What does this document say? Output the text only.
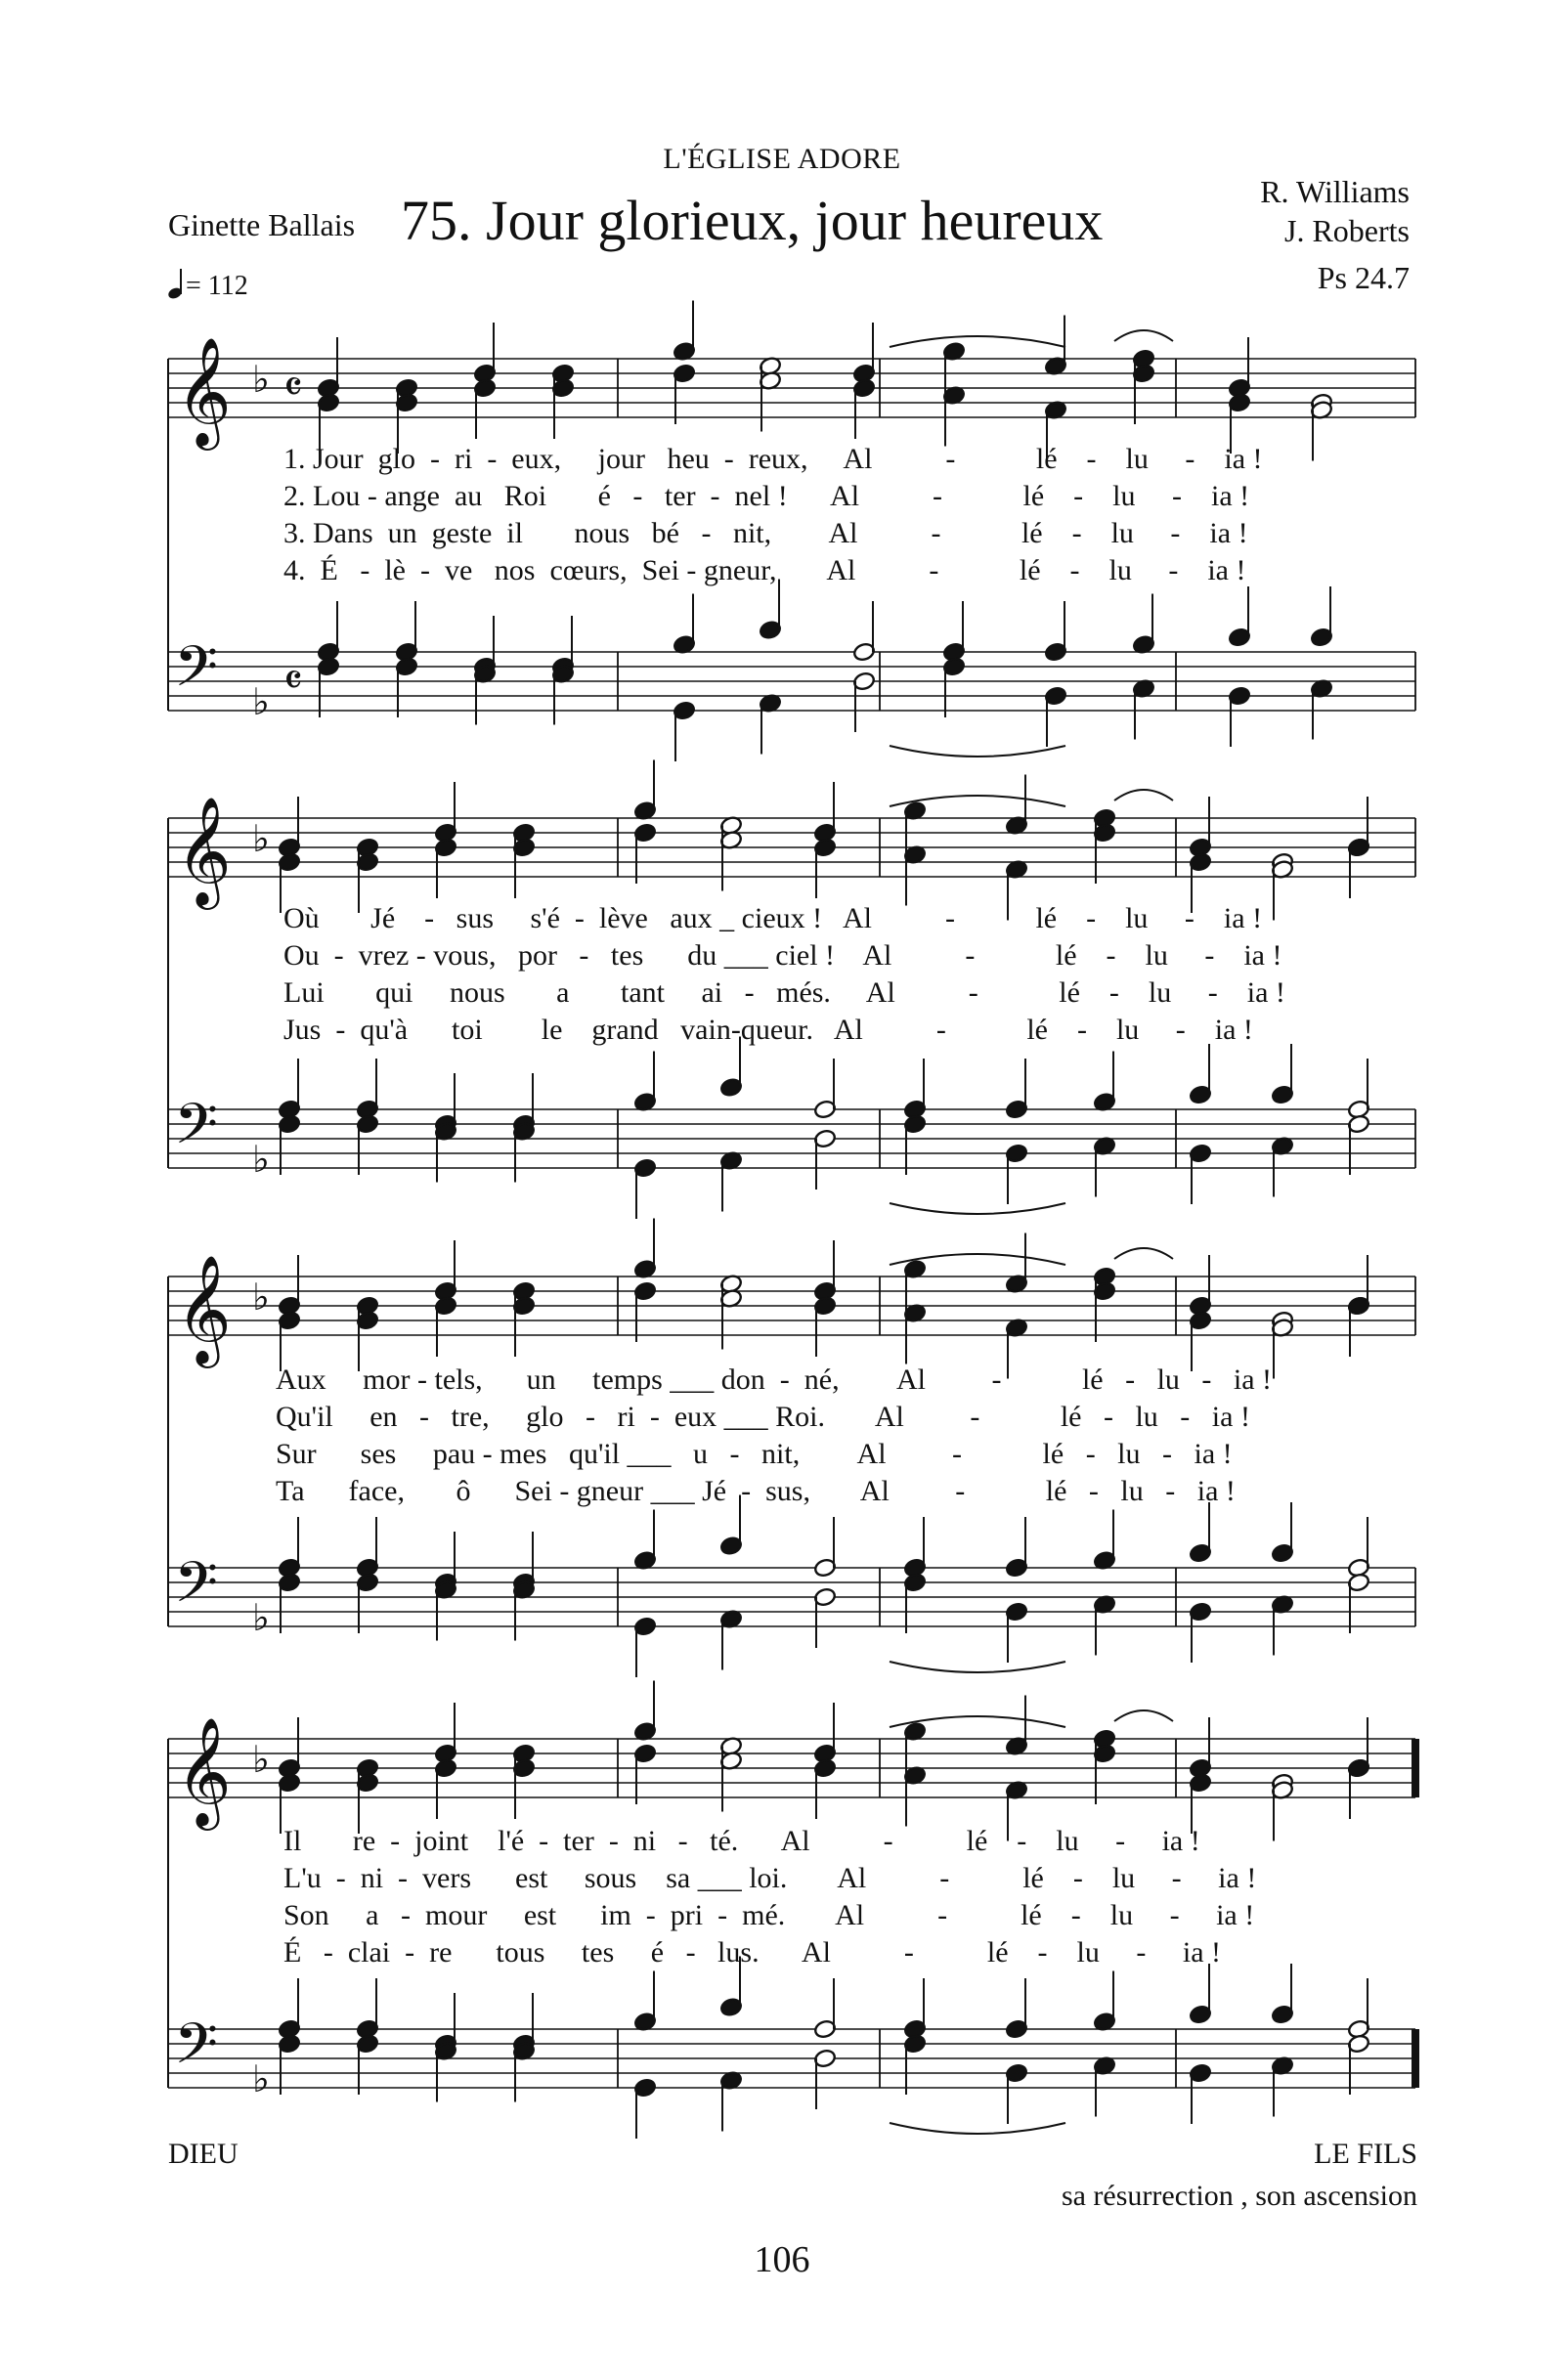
L'ÉGLISE ADORE
Ginette Ballais 75. Jour glorieux, jour heureux	R. Williams
J. Roberts
Ps 24.7
= 112
𝄞 ♭ 𝄴
𝄞 ♭
𝄞 ♭
𝄞 ♭
𝄢 ♭ 𝄴
𝄢 ♭
𝄢 ♭
𝄢 ♭
1. Jour  glo  -  ri  -  eux,     jour   heu  -  reux,     Al          -           lé    -    lu     -    ia !
2. Lou - ange  au   Roi       é   -   ter  -  nel !      Al          -           lé    -    lu     -    ia !
3. Dans  un  geste  il       nous   bé   -   nit,        Al          -           lé    -    lu     -    ia !
4.  É   -  lè  -  ve   nos  cœurs,  Sei - gneur,       Al          -           lé    -    lu     -    ia !
Où       Jé    -   sus     s'é  -  lève   aux _ cieux !   Al          -           lé    -    lu     -    ia !
Ou  -  vrez - vous,   por   -   tes      du ___ ciel !    Al          -           lé    -    lu     -    ia !
Lui       qui     nous       a       tant     ai   -   més.     Al          -           lé    -    lu     -    ia !
Jus  -  qu'à      toi        le    grand   vain-queur.   Al          -           lé    -    lu     -    ia !
Aux     mor - tels,      un     temps ___ don  -  né,        Al         -           lé   -   lu   -   ia !
Qu'il     en   -   tre,     glo   -   ri  -  eux ___ Roi.       Al         -           lé   -   lu   -   ia !
Sur      ses     pau - mes   qu'il ___   u   -   nit,        Al         -           lé   -   lu   -   ia !
Ta      face,       ô      Sei - gneur ___ Jé  -  sus,       Al         -           lé   -   lu   -   ia !
Il       re  -  joint    l'é  -  ter  -  ni   -   té.      Al          -          lé    -    lu     -     ia !
L'u  -  ni  -  vers      est     sous    sa ___ loi.       Al          -          lé    -    lu     -     ia !
Son     a   -  mour     est      im  -  pri  -  mé.       Al          -          lé    -    lu     -     ia !
É   -  clai  -  re      tous     tes     é   -   lus.      Al          -          lé    -    lu     -     ia !
DIEU	LE FILS
sa résurrection , son ascension
106
